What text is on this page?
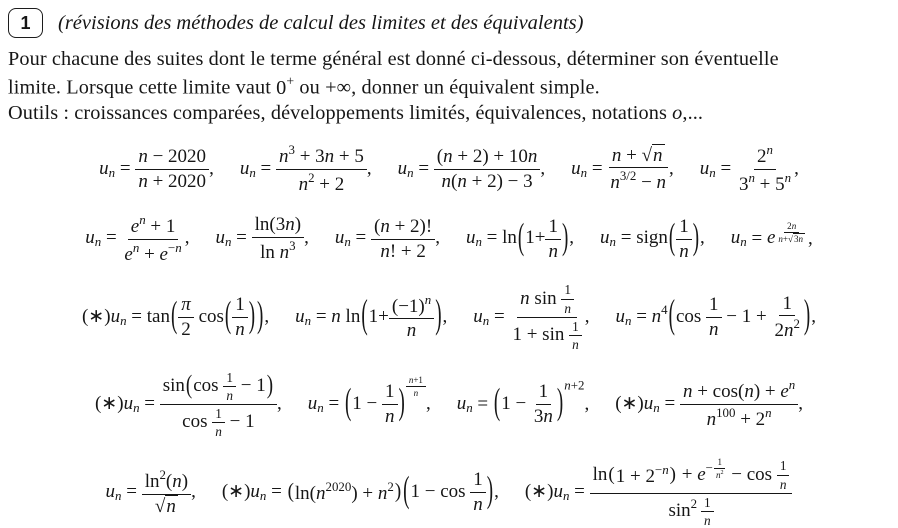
1 (révisions des méthodes de calcul des limites et des équivalents)
Pour chacune des suites dont le terme général est donné ci-dessous, déterminer son éventuelle
limite. Lorsque cette limite vaut 0+ ou +∞, donner un équivalent simple.
Outils : croissances comparées, développements limités, équivalences, notations o,...
un = $\frac{n - 2020}{n + 2020}$ , un = $\frac{n^3 + 3n + 5}{n^2 + 2}$ , un = $\frac{(n + 2) + 10n}{n(n + 2) - 3}$ , un = $\frac{n + √n}{n^{3/2} - n}$ , un = $\frac{2^n}{3^n + 5^n}$ ,
un = $\frac{e^n + 1}{e^n + e^{-n}}$ , un = $\frac{\ln(3n)}{\ln n^3}$ , un = $\frac{(n + 2)!}{n! + 2}$ , un = ln ( $1+ \frac{1}{n}$ ) , un = sign ( $\frac{1}{n}$ ) , un = e $^{\frac{2n}{n+√3n}}$ ,
(∗)un = tan ( $\frac{\pi}{2}$ cos ( $\frac{1}{n}$ ) ) , un = n ln ( $1+ \frac{(-1)^n}{n}$ ) , un = $\frac{n \sin \frac{1}{n}}{1 + \sin \frac{1}{n}}$ , un = $n^4$ ( $\cos \frac{1}{n} - 1 + \frac{1}{2n^2}$ ) ,
(∗)un = $\frac{\sin ( \cos \frac{1}{n} - 1 )}{\cos \frac{1}{n} - 1}$ , un = ( $1 - \frac{1}{n}$ ) $^{\frac{n+1}{n}}$
, un = ( $1 - \frac{1}{3n}$ ) $^{n+2}$, (∗)un = $\frac{n + \cos(n) + e^n}{n^{100} + 2^n}$ ,
un = $\frac{\ln^2(n)}{√n}$ , (∗)un = ( $\ln(n^{2020}) + n^2$ ) ( $1 - \cos \frac{1}{n}$ ) , (∗)un = ln ( $1 + 2^{-n}$ ) + $e^{- \frac{1}{n^2}} - \cos \frac{1}{n}$
$\sin^2 \frac{1}{n}$
